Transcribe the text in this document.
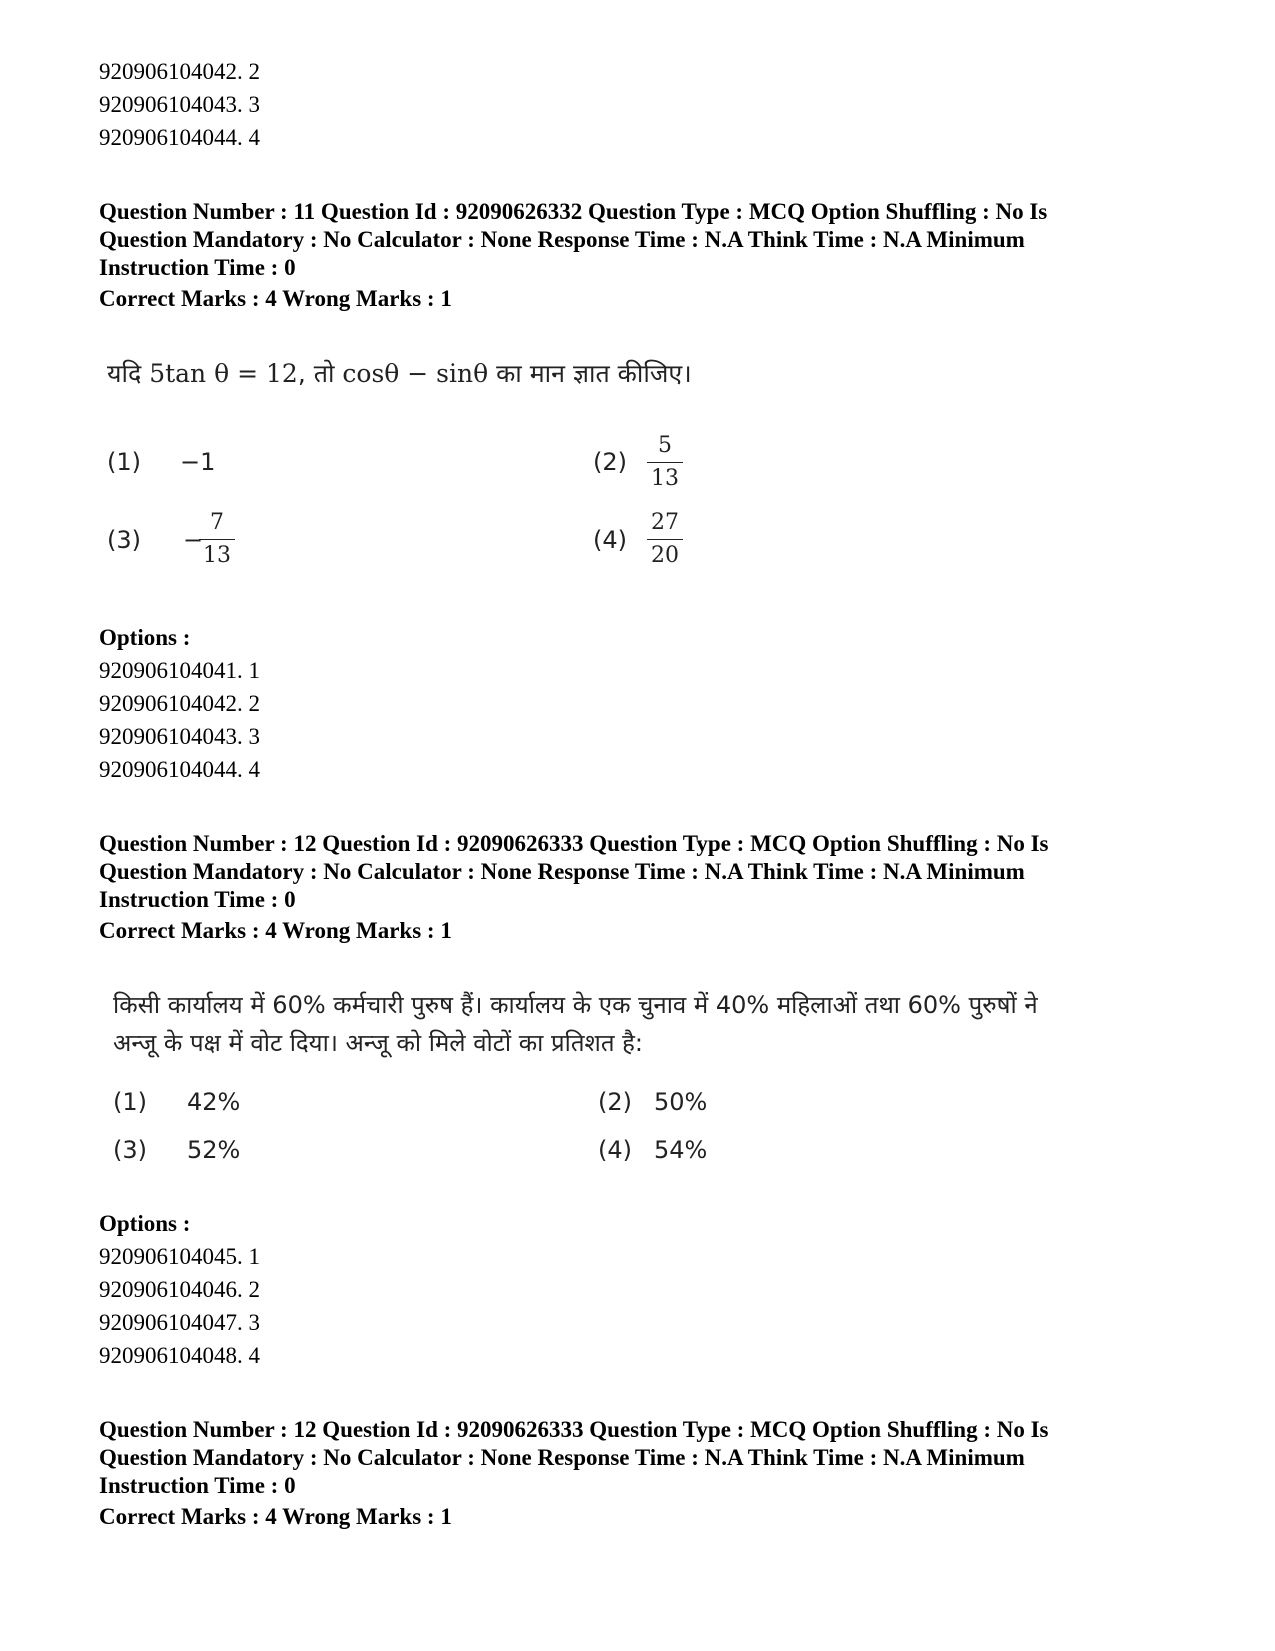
920906104042. 2
920906104043. 3
920906104044. 4
Question Number : 11 Question Id : 92090626332 Question Type : MCQ Option Shuffling : No Is
Question Mandatory : No Calculator : None Response Time : N.A Think Time : N.A Minimum
Instruction Time : 0
Correct Marks : 4 Wrong Marks : 1
यदि 5tan θ = 12, तो cosθ − sinθ का मान ज्ञात कीजिए।
(1) −1	(2)
5
13
(3) −
7
13
(4)
27
20
Options :
920906104041. 1
920906104042. 2
920906104043. 3
920906104044. 4
Question Number : 12 Question Id : 92090626333 Question Type : MCQ Option Shuffling : No Is
Question Mandatory : No Calculator : None Response Time : N.A Think Time : N.A Minimum
Instruction Time : 0
Correct Marks : 4 Wrong Marks : 1
किसी कार्यालय में 60% कर्मचारी पुरुष हैं। कार्यालय के एक चुनाव में 40% महिलाओं तथा 60% पुरुषों ने
अन्जू के पक्ष में वोट दिया। अन्जू को मिले वोटों का प्रतिशत है:
(1) 42%	(2) 50%
(3) 52%	(4) 54%
Options :
920906104045. 1
920906104046. 2
920906104047. 3
920906104048. 4
Question Number : 12 Question Id : 92090626333 Question Type : MCQ Option Shuffling : No Is
Question Mandatory : No Calculator : None Response Time : N.A Think Time : N.A Minimum
Instruction Time : 0
Correct Marks : 4 Wrong Marks : 1
